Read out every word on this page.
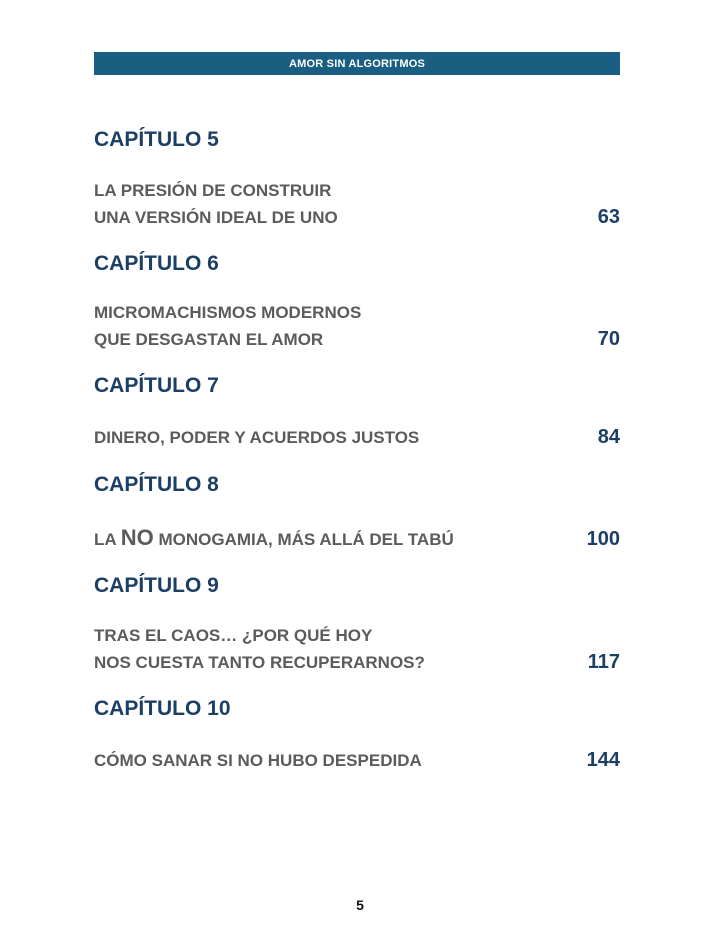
AMOR SIN ALGORITMOS
CAPÍTULO 5
LA PRESIÓN DE CONSTRUIR
UNA VERSIÓN IDEAL DE UNO	63
CAPÍTULO 6
MICROMACHISMOS MODERNOS
QUE DESGASTAN EL AMOR	70
CAPÍTULO 7
DINERO, PODER Y ACUERDOS JUSTOS	84
CAPÍTULO 8
LA NO MONOGAMIA, MÁS ALLÁ DEL TABÚ	100
CAPÍTULO 9
TRAS EL CAOS… ¿POR QUÉ HOY
NOS CUESTA TANTO RECUPERARNOS?	117
CAPÍTULO 10
CÓMO SANAR SI NO HUBO DESPEDIDA	144
5
